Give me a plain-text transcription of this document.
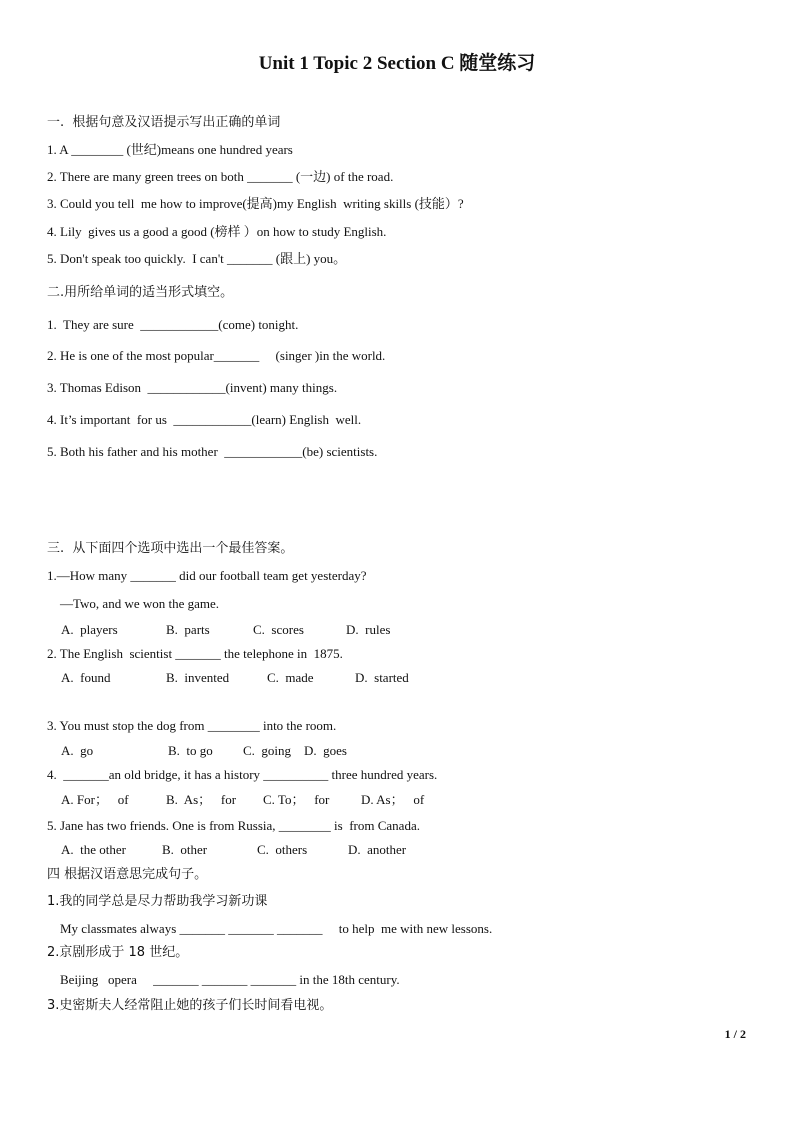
Unit 1 Topic 2 Section C 随堂练习
一.  根据句意及汉语提示写出正确的单词
1. A ________ (世纪)means one hundred years
2. There are many green trees on both _______ (一边) of the road.
3. Could you tell  me how to improve(提高)my English  writing skills (技能）?
4. Lily  gives us a good a good (榜样 ）on how to study English.
5. Don't speak too quickly.  I can't _______ (跟上) you。
二.用所给单词的适当形式填空。
1.  They are sure  ____________(come) tonight.
2. He is one of the most popular_______     (singer )in the world.
3. Thomas Edison  ____________(invent) many things.
4. It’s important  for us  ____________(learn) English  well.
5. Both his father and his mother  ____________(be) scientists.
三.  从下面四个选项中选出一个最佳答案。
1.—How many _______ did our football team get yesterday?
—Two, and we won the game.
A.  players	B.  parts	C.  scores	D.  rules
2. The English  scientist _______ the telephone in  1875.
A.  found	B.  invented	C.  made	D.  started
3. You must stop the dog from ________ into the room.
A.  go	B.  to go C.  going D.  goes
4.  _______an old bridge, it has a history __________ three hundred years.
A. For；   of	B.  As；   for C. To；   for D. As；   of
5. Jane has two friends. One is from Russia, ________ is  from Canada.
A.  the other	B.  other	C.  others	D.  another
四 根据汉语意思完成句子。
1.我的同学总是尽力帮助我学习新功课
My classmates always _______ _______ _______     to help  me with new lessons.
2.京剧形成于 18 世纪。
Beijing   opera     _______ _______ _______ in the 18th century.
3.史密斯夫人经常阻止她的孩子们长时间看电视。
1 / 2
